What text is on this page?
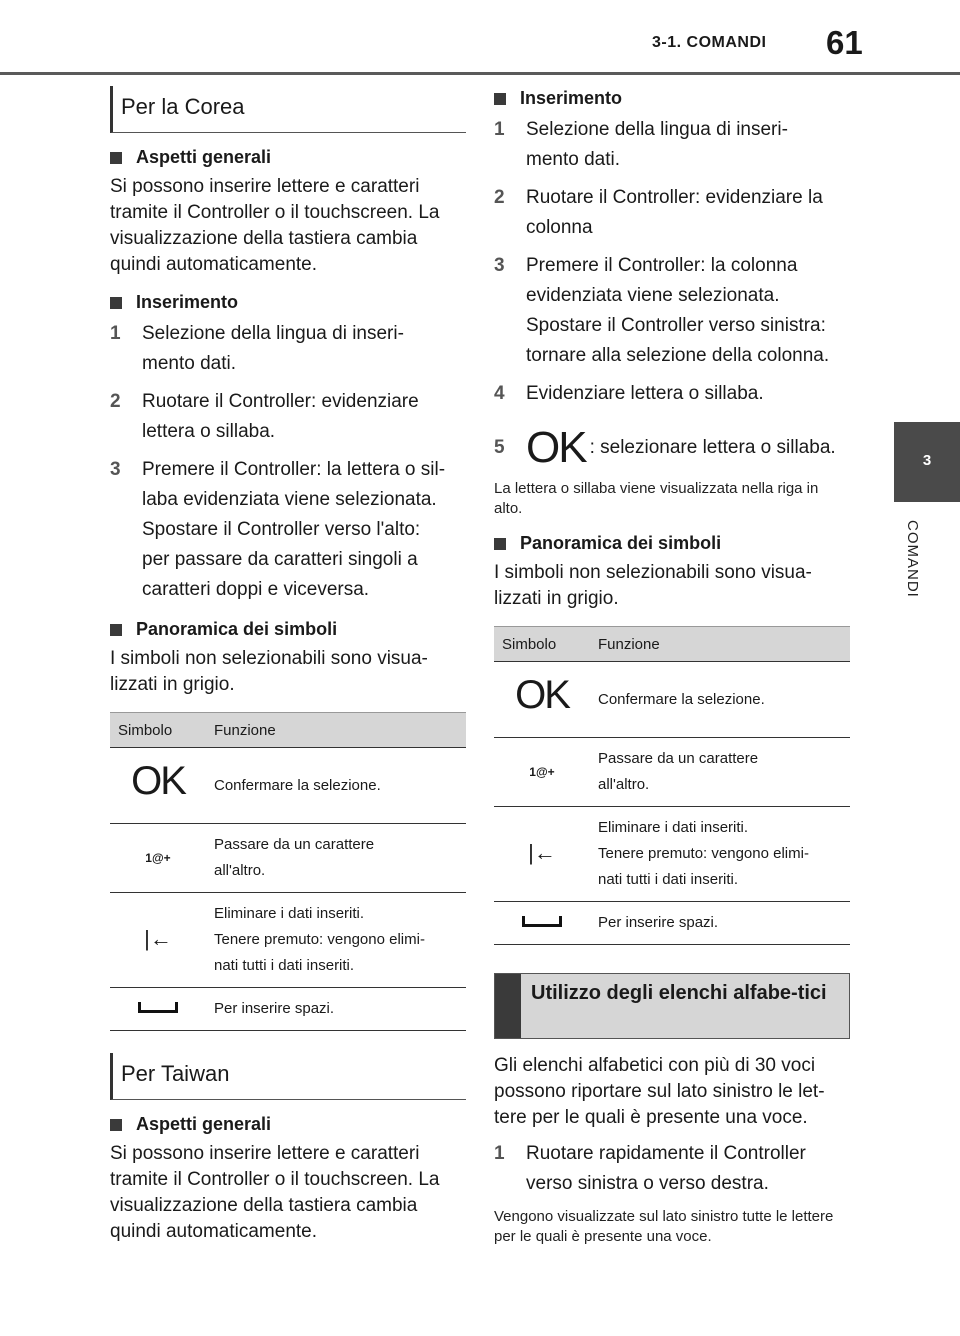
3-1. COMANDI 61
3
COMANDI
Per la Corea
Aspetti generali

Si possono inserire lettere e caratteri tramite il Controller o il touchscreen. La visualizzazione della tastiera cambia quindi automaticamente.

Inserimento
1	Selezione della lingua di inseri-
mento dati.
2	Ruotare il Controller: evidenziare
lettera o sillaba.
3	Premere il Controller: la lettera o sil-
laba evidenziata viene selezionata.
Spostare il Controller verso l'alto:
per passare da caratteri singoli a
caratteri doppi e viceversa.
Panoramica dei simboli

I simboli non selezionabili sono visua-lizzati in grigio.

Simbolo	Funzione
OK	Confermare la selezione.

1@+	Passare da un carattere
all'altro.

|←	Eliminare i dati inseriti.
Tenere premuto: vengono elimi-
nati tutti i dati inseriti.

	Per inserire spazi.
Per Taiwan
Aspetti generali

Si possono inserire lettere e caratteri tramite il Controller o il touchscreen. La visualizzazione della tastiera cambia quindi automaticamente.

Inserimento
1	Selezione della lingua di inseri-
mento dati.
2	Ruotare il Controller: evidenziare la
colonna
3	Premere il Controller: la colonna
evidenziata viene selezionata.
Spostare il Controller verso sinistra:
tornare alla selezione della colonna.
4	Evidenziare lettera o sillaba.
5 OK : selezionare lettera o sillaba.

La lettera o sillaba viene visualizzata nella riga in alto.

Panoramica dei simboli

I simboli non selezionabili sono visua-lizzati in grigio.

Simbolo	Funzione
OK	Confermare la selezione.

1@+	Passare da un carattere
all'altro.

|←	Eliminare i dati inseriti.
Tenere premuto: vengono elimi-
nati tutti i dati inseriti.

	Per inserire spazi.
Utilizzo degli elenchi alfabe-tici

Gli elenchi alfabetici con più di 30 voci possono riportare sul lato sinistro le let-tere per le quali è presente una voce.

1	Ruotare rapidamente il Controller
verso sinistra o verso destra.

Vengono visualizzate sul lato sinistro tutte le lettere per le quali è presente una voce.
